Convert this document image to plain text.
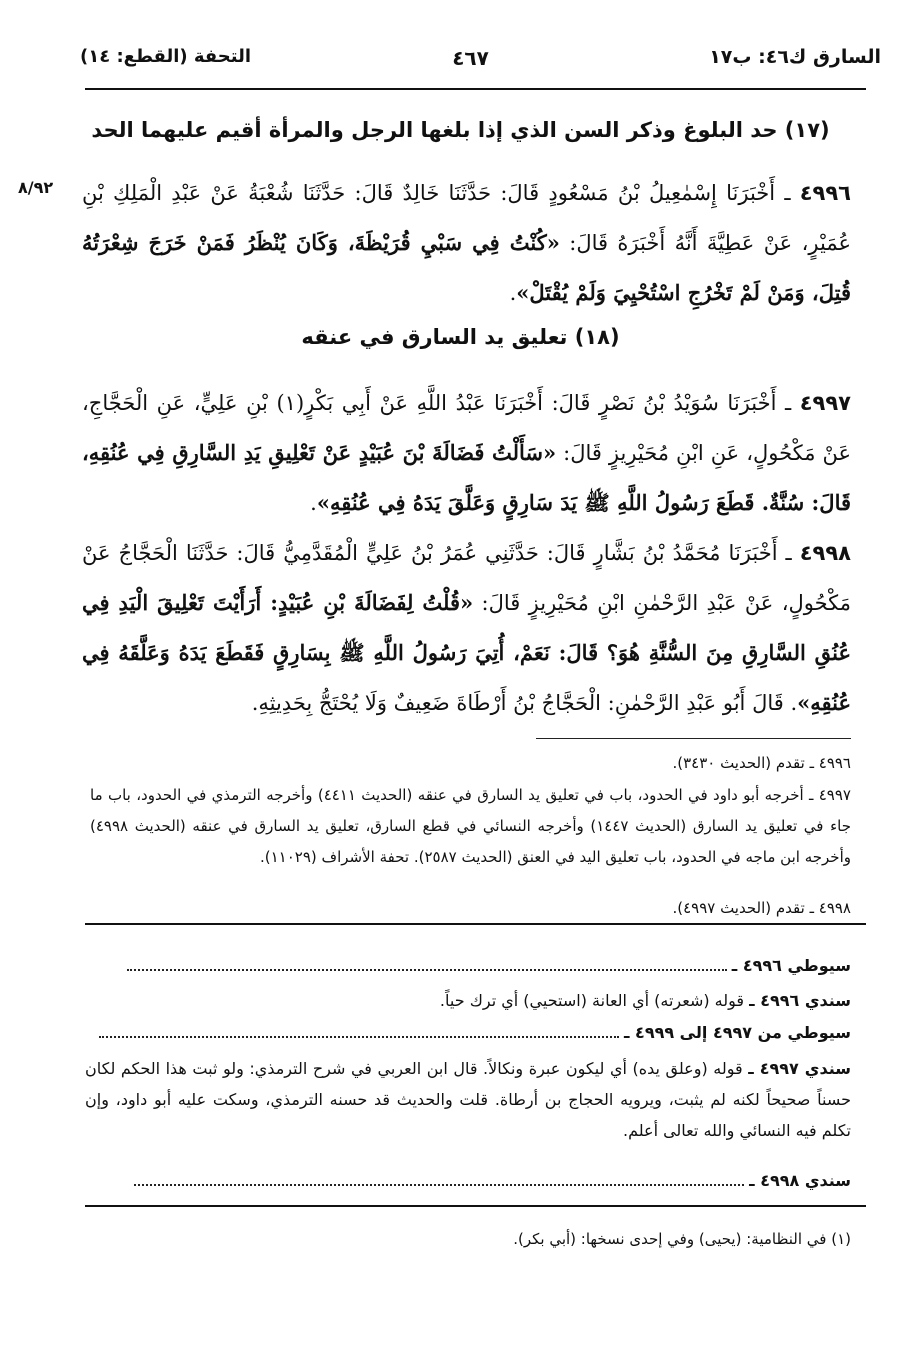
السارق ك٤٦: ب١٧
٤٦٧
التحفة (القطع: ١٤)
٨/٩٢
(١٧) حد البلوغ وذكر السن الذي إذا بلغها الرجل والمرأة أقيم عليهما الحد
٤٩٩٦ ـ أَخْبَرَنَا إِسْمٰعِيلُ بْنُ مَسْعُودٍ قَالَ: حَدَّثَنَا خَالِدٌ قَالَ: حَدَّثَنَا شُعْبَةُ عَنْ عَبْدِ الْمَلِكِ بْنِ عُمَيْرٍ، عَنْ عَطِيَّةَ أَنَّهُ أَخْبَرَهُ قَالَ: «كُنْتُ فِي سَبْيِ قُرَيْظَةَ، وَكَانَ يُنْظَرُ فَمَنْ خَرَجَ شِعْرَتُهُ قُتِلَ، وَمَنْ لَمْ تَخْرُجِ اسْتُحْيِيَ وَلَمْ يُقْتَلْ».
(١٨) تعليق يد السارق في عنقه
٤٩٩٧ ـ أَخْبَرَنَا سُوَيْدُ بْنُ نَصْرٍ قَالَ: أَخْبَرَنَا عَبْدُ اللَّهِ عَنْ أَبِي بَكْرٍ(١) بْنِ عَلِيٍّ، عَنِ الْحَجَّاجِ، عَنْ مَكْحُولٍ، عَنِ ابْنِ مُحَيْرِيزٍ قَالَ: «سَأَلْتُ فَضَالَةَ بْنَ عُبَيْدٍ عَنْ تَعْلِيقِ يَدِ السَّارِقِ فِي عُنُقِهِ، قَالَ: سُنَّةٌ. قَطَعَ رَسُولُ اللَّهِ ﷺ يَدَ سَارِقٍ وَعَلَّقَ يَدَهُ فِي عُنُقِهِ».
٤٩٩٨ ـ أَخْبَرَنَا مُحَمَّدُ بْنُ بَشَّارٍ قَالَ: حَدَّثَنِي عُمَرُ بْنُ عَلِيٍّ الْمُقَدَّمِيُّ قَالَ: حَدَّثَنَا الْحَجَّاجُ عَنْ مَكْحُولٍ، عَنْ عَبْدِ الرَّحْمٰنِ ابْنِ مُحَيْرِيزٍ قَالَ: «قُلْتُ لِفَضَالَةَ بْنِ عُبَيْدٍ: أَرَأَيْتَ تَعْلِيقَ الْيَدِ فِي عُنُقِ السَّارِقِ مِنَ السُّنَّةِ هُوَ؟ قَالَ: نَعَمْ، أُتِيَ رَسُولُ اللَّهِ ﷺ بِسَارِقٍ فَقَطَعَ يَدَهُ وَعَلَّقَهُ فِي عُنُقِهِ». قَالَ أَبُو عَبْدِ الرَّحْمٰنِ: الْحَجَّاجُ بْنُ أَرْطَاةَ ضَعِيفٌ وَلَا يُحْتَجُّ بِحَدِيثِهِ.
٤٩٩٦ ـ تقدم (الحديث ٣٤٣٠).
٤٩٩٧ ـ أخرجه أبو داود في الحدود، باب في تعليق يد السارق في عنقه (الحديث ٤٤١١) وأخرجه الترمذي في الحدود، باب ما جاء في تعليق يد السارق (الحديث ١٤٤٧) وأخرجه النسائي في قطع السارق، تعليق يد السارق في عنقه (الحديث ٤٩٩٨) وأخرجه ابن ماجه في الحدود، باب تعليق اليد في العنق (الحديث ٢٥٨٧). تحفة الأشراف (١١٠٢٩).
٤٩٩٨ ـ تقدم (الحديث ٤٩٩٧).
سيوطي ٤٩٩٦ ـ
سندي ٤٩٩٦ ـ قوله (شعرته) أي العانة (استحيي) أي ترك حياً.
سيوطي من ٤٩٩٧ إلى ٤٩٩٩ ـ
سندي ٤٩٩٧ ـ قوله (وعلق يده) أي ليكون عبرة ونكالاً. قال ابن العربي في شرح الترمذي: ولو ثبت هذا الحكم لكان حسناً صحيحاً لكنه لم يثبت، ويرويه الحجاج بن أرطاة. قلت والحديث قد حسنه الترمذي، وسكت عليه أبو داود، وإن تكلم فيه النسائي والله تعالى أعلم.
سندي ٤٩٩٨ ـ
(١) في النظامية: (يحيى) وفي إحدى نسخها: (أبي بكر).
